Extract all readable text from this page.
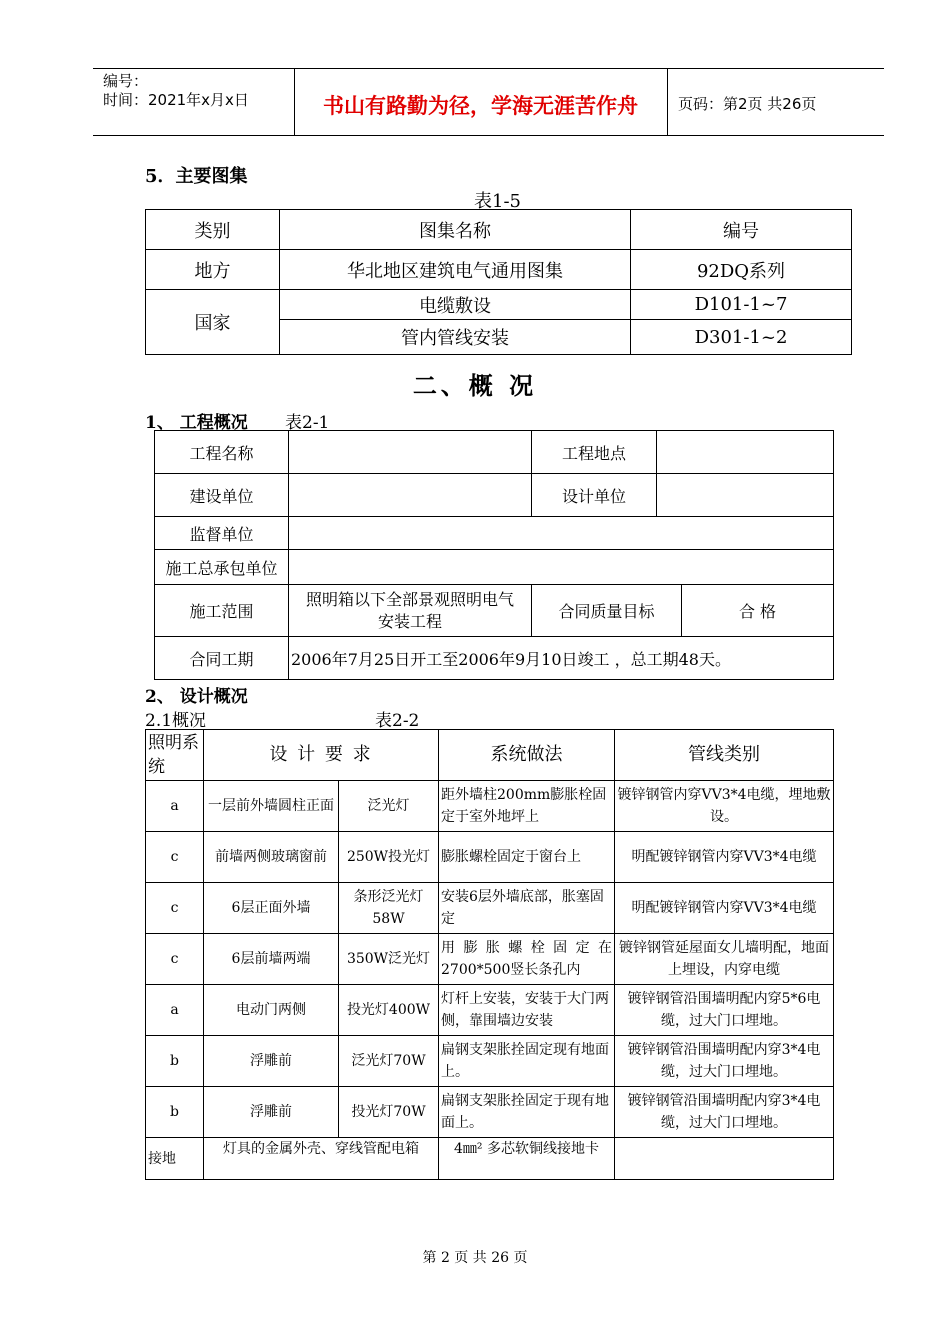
编号：
时间：2021年x月x日	书山有路勤为径，学海无涯苦作舟	页码：第2页 共26页
5．主要图集
表1-5
类别	图集名称	编号
地方	华北地区建筑电气通用图集	92DQ系列
国家	电缆敷设	D101-1~7
	管内管线安装	D301-1~2
二、概 况
1、 工程概况 表2-1
工程名称		工程地点		
建设单位		设计单位		
监督单位				
施工总承包单位				
施工范围	照明箱以下全部景观照明电气安装工程	合同质量目标		合 格
合同工期	2006年7月25日开工至2006年9月10日竣工 ，总工期48天。			
2、 设计概况
2.1概况	表2-2
照明系统	设 计 要 求		系统做法	管线类别
a	一层前外墙圆柱正面	泛光灯	距外墙柱200mm膨胀栓固定于室外地坪上	镀锌钢管内穿VV3*4电缆，埋地敷设。
c	前墙两侧玻璃窗前	250W投光灯	膨胀螺栓固定于窗台上	明配镀锌钢管内穿VV3*4电缆
c	6层正面外墙	条形泛光灯58W	安装6层外墙底部，胀塞固定	明配镀锌钢管内穿VV3*4电缆
c	6层前墙两端	350W泛光灯	用膨胀螺栓固定在2700*500竖长条孔内	镀锌钢管延屋面女儿墙明配，地面上埋设，内穿电缆
a	电动门两侧	投光灯400W	灯杆上安装，安装于大门两侧，靠围墙边安装	镀锌钢管沿围墙明配内穿5*6电缆，过大门口埋地。
b	浮雕前	泛光灯70W	扁钢支架胀拴固定现有地面上。	镀锌钢管沿围墙明配内穿3*4电缆，过大门口埋地。
b	浮雕前	投光灯70W	扁钢支架胀拴固定于现有地面上。	镀锌钢管沿围墙明配内穿3*4电缆，过大门口埋地。
接地	灯具的金属外壳、穿线管配电箱		4㎜² 多芯软铜线接地卡	
第 2 页 共 26 页
